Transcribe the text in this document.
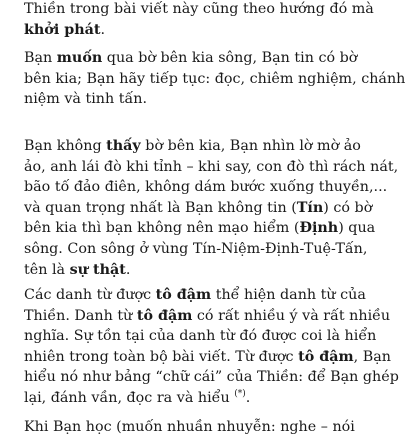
Thiền trong bài viết này cũng theo hướng đó mà
khởi phát.
Bạn muốn qua bờ bên kia sông, Bạn tin có bờ
bên kia; Bạn hãy tiếp tục: đọc, chiêm nghiệm, chánh
niệm và tinh tấn.
Bạn không thấy bờ bên kia, Bạn nhìn lờ mờ ảo
ảo, anh lái đò khi tỉnh – khi say, con đò thì rách nát,
bão tố đảo điên, không dám bước xuống thuyền,...
và quan trọng nhất là Bạn không tin (Tín) có bờ
bên kia thì bạn không nên mạo hiểm (Định) qua
sông. Con sông ở vùng Tín-Niệm-Định-Tuệ-Tấn,
tên là sự thật.
Các danh từ được tô đậm thể hiện danh từ của
Thiền. Danh từ tô đậm có rất nhiều ý và rất nhiều
nghĩa. Sự tồn tại của danh từ đó được coi là hiển
nhiên trong toàn bộ bài viết. Từ được tô đậm, Bạn
hiểu nó như bảng “chữ cái” của Thiền: để Bạn ghép
lại, đánh vần, đọc ra và hiểu (*).
Khi Bạn học (muốn nhuần nhuyễn: nghe – nói
